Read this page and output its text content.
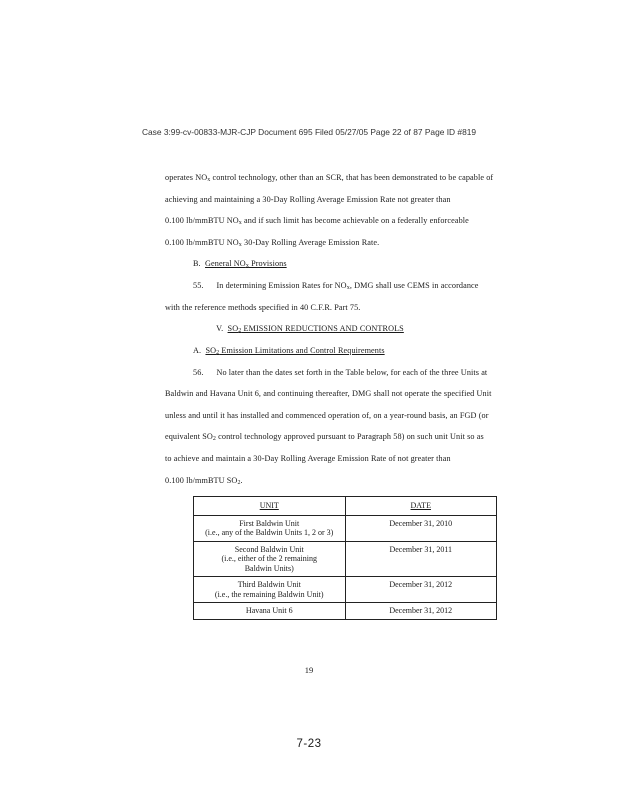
Case 3:99-cv-00833-MJR-CJP Document 695 Filed 05/27/05 Page 22 of 87 Page ID #819
operates $NO_x$ control technology, other than an SCR, that has been demonstrated to be capable of
achieving and maintaining a 30-Day Rolling Average Emission Rate not greater than
0.100 lb/mmBTU $NO_x$ and if such limit has become achievable on a federally enforceable
0.100 lb/mmBTU $NO_x$ 30-Day Rolling Average Emission Rate.
B. General $NO_x$ Provisions
55. In determining Emission Rates for $NO_x$, DMG shall use CEMS in accordance
with the reference methods specified in 40 C.F.R. Part 75.
V. $SO_2$ EMISSION REDUCTIONS AND CONTROLS
A. $SO_2$ Emission Limitations and Control Requirements
56. No later than the dates set forth in the Table below, for each of the three Units at
Baldwin and Havana Unit 6, and continuing thereafter, DMG shall not operate the specified Unit
unless and until it has installed and commenced operation of, on a year-round basis, an FGD (or
equivalent $SO_2$ control technology approved pursuant to Paragraph 58) on such unit Unit so as
to achieve and maintain a 30-Day Rolling Average Emission Rate of not greater than
0.100 lb/mmBTU $SO_2$.
UNIT	DATE

First Baldwin Unit
(i.e., any of the Baldwin Units 1, 2 or 3)	December 31, 2010

Second Baldwin Unit
(i.e., either of the 2 remaining
Baldwin Units)	December 31, 2011

Third Baldwin Unit
(i.e., the remaining Baldwin Unit)	December 31, 2012

Havana Unit 6	December 31, 2012
19
7-23
